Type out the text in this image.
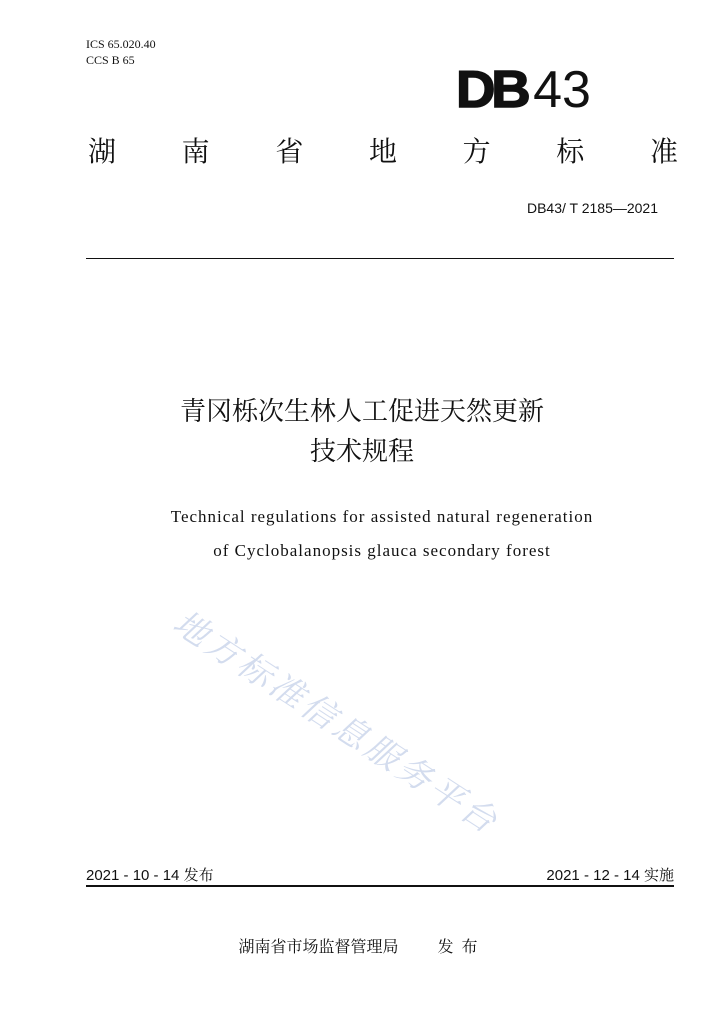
ICS 65.020.40
CCS B 65
DB 43
湖 南 省 地 方 标 准
DB43/ T 2185—2021
青冈栎次生林人工促进天然更新
技术规程
Technical regulations for assisted natural regeneration
of Cyclobalanopsis glauca secondary forest
地方标准信息服务平台
2021 - 10 - 14 发布	2021 - 12 - 14 实施
湖南省市场监督管理局 发布
